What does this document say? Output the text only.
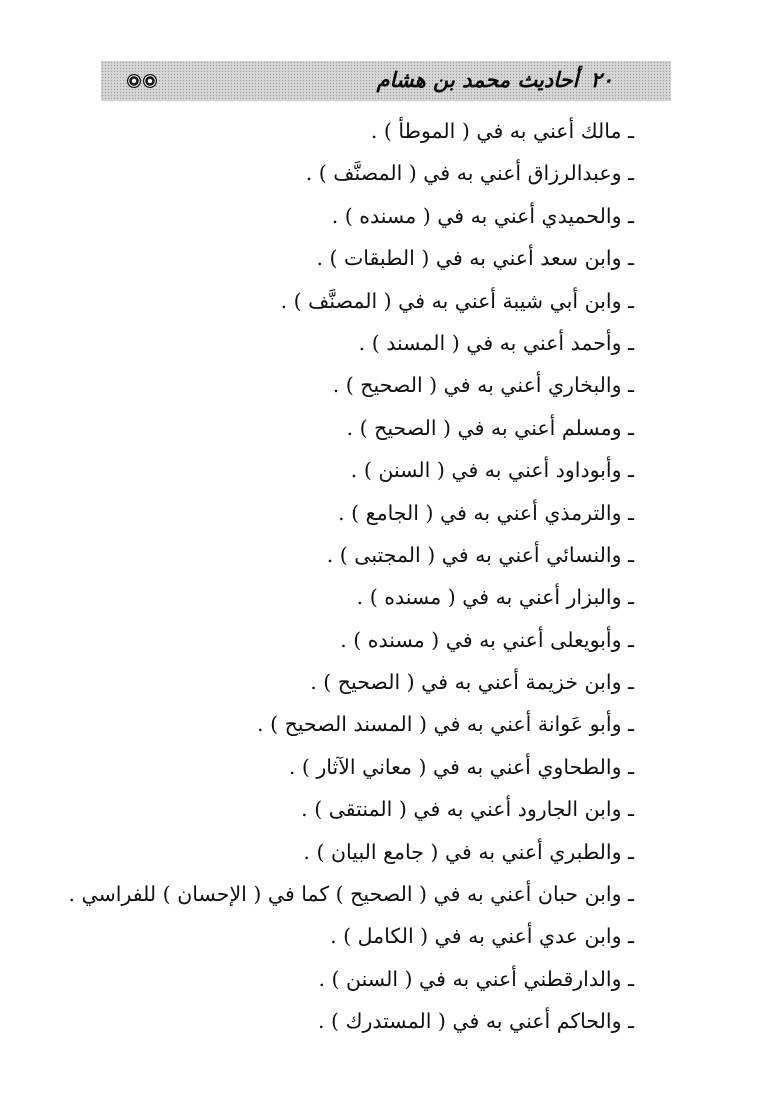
٢٠أحاديث محمد بن هشام
ـ مالك أعني به في ( الموطأ ) .
ـ وعبدالرزاق أعني به في ( المصنَّف ) .
ـ والحميدي أعني به في ( مسنده ) .
ـ وابن سعد أعني به في ( الطبقات ) .
ـ وابن أبي شيبة أعني به في ( المصنَّف ) .
ـ وأحمد أعني به في ( المسند ) .
ـ والبخاري أعني به في ( الصحيح ) .
ـ ومسلم أعني به في ( الصحيح ) .
ـ وأبوداود أعني به في ( السنن ) .
ـ والترمذي أعني به في ( الجامع ) .
ـ والنسائي أعني به في ( المجتبى ) .
ـ والبزار أعني به في ( مسنده ) .
ـ وأبويعلى أعني به في ( مسنده ) .
ـ وابن خزيمة أعني به في ( الصحيح ) .
ـ وأبو عَوانة أعني به في ( المسند الصحيح ) .
ـ والطحاوي أعني به في ( معاني الآثار ) .
ـ وابن الجارود أعني به في ( المنتقى ) .
ـ والطبري أعني به في ( جامع البيان ) .
ـ وابن حبان أعني به في ( الصحيح ) كما في ( الإحسان ) للفراسي .
ـ وابن عدي أعني به في ( الكامل ) .
ـ والدارقطني أعني به في ( السنن ) .
ـ والحاكم أعني به في ( المستدرك ) .
